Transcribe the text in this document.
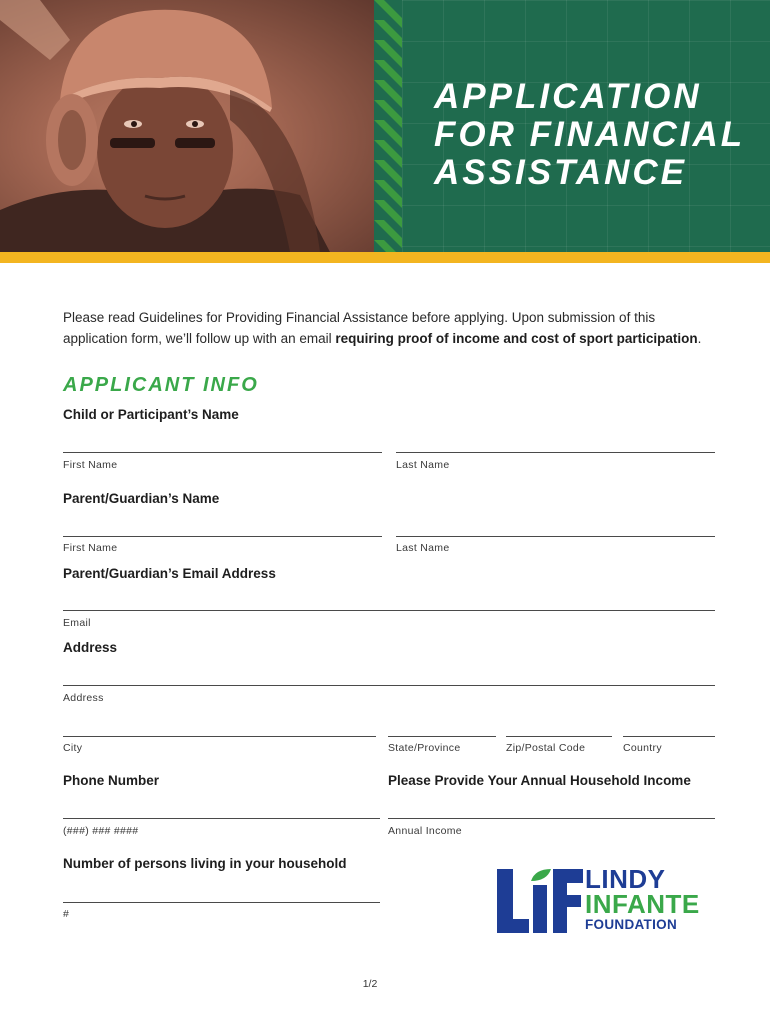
APPLICATION
FOR FINANCIAL
ASSISTANCE
Please read Guidelines for Providing Financial Assistance before applying. Upon submission of this application form, we’ll follow up with an email requiring proof of income and cost of sport participation.
APPLICANT INFO
Child or Participant’s Name
First Name	Last Name
Parent/Guardian’s Name
First Name	Last Name
Parent/Guardian’s Email Address
Email
Address
Address
City	State/Province	Zip/Postal Code	Country
Phone Number	Please Provide Your Annual Household Income
(###) ### ####	Annual Income
Number of persons living in your household
#
LINDY
INFANTE
FOUNDATION
1/2
